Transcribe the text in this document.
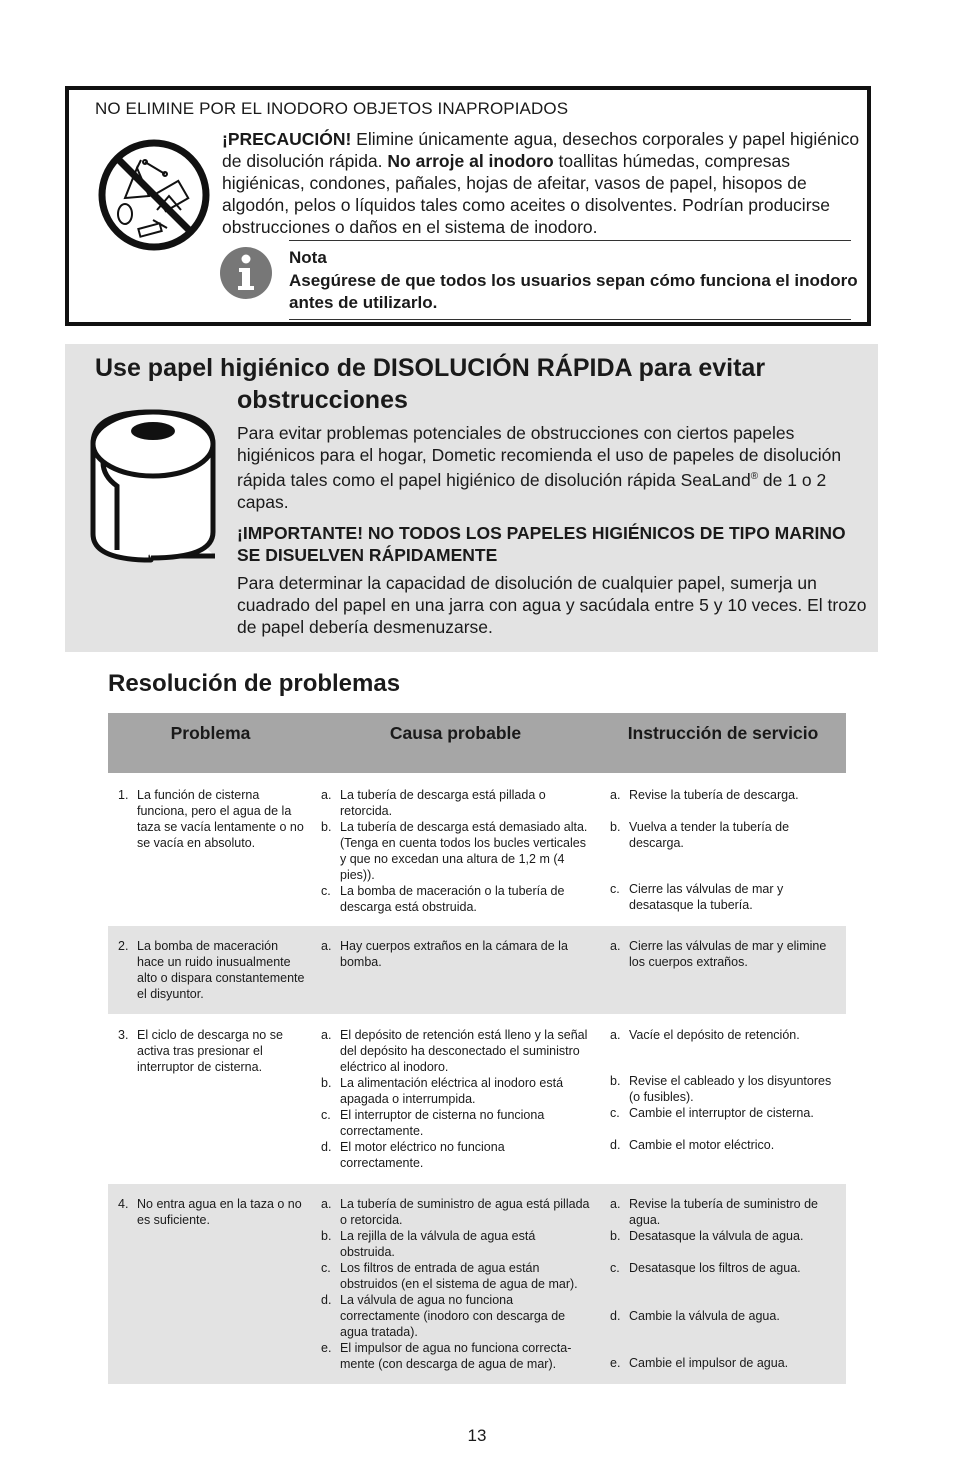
NO ELIMINE POR EL INODORO OBJETOS INAPROPIADOS
¡PRECAUCIÓN! Elimine únicamente agua, desechos corporales y papel higiénico de disolución rápida. No arroje al inodoro toallitas húmedas, compresas higiénicas, condones, pañales, hojas de afeitar, vasos de papel, hisopos de algodón, pelos o líquidos tales como aceites o disolventes. Podrían producirse obstrucciones o daños en el sistema de inodoro.
Nota
Asegúrese de que todos los usuarios sepan cómo funciona el inodoro antes de utilizarlo.
Use papel higiénico de DISOLUCIÓN RÁPIDA para evitar
obstrucciones
Para evitar problemas potenciales de obstrucciones con ciertos papeles higiénicos para el hogar, Dometic recomienda el uso de papeles de disolución rápida tales como el papel higiénico de disolución rápida SeaLand® de 1 o 2 capas.
¡IMPORTANTE! NO TODOS LOS PAPELES HIGIÉNICOS DE TIPO MARINO SE DISUELVEN RÁPIDAMENTE
Para determinar la capacidad de disolución de cualquier papel, sumerja un cuadrado del papel en una jarra con agua y sacúdala entre 5 y 10 veces. El trozo de papel debería desmenuzarse.
Resolución de problemas
Problema	Causa probable	Instrucción de servicio
1. La función de cisterna funciona, pero el agua de la taza se vacía lentamente o no se vacía en absoluto.
a. La tubería de descarga está pillada o retorcida.
b. La tubería de descarga está demasiado alta. (Tenga en cuenta todos los bucles verticales y que no excedan una altura de 1,2 m (4 pies)).
c. La bomba de maceración o la tubería de descarga está obstruida.
a. Revise la tubería de descarga.
b. Vuelva a tender la tubería de descarga.
c. Cierre las válvulas de mar y desatasque la tubería.
2. La bomba de maceración hace un ruido inusualmente alto o dispara constantemente el disyuntor.
a. Hay cuerpos extraños en la cámara de la bomba.
a. Cierre las válvulas de mar y elimine los cuerpos extraños.
3. El ciclo de descarga no se activa tras presionar el interruptor de cisterna.
a. El depósito de retención está lleno y la señal del depósito ha desconectado el suministro eléctrico al inodoro.
b. La alimentación eléctrica al inodoro está apagada o interrumpida.
c. El interruptor de cisterna no funciona correctamente.
d. El motor eléctrico no funciona correctamente.
a. Vacíe el depósito de retención.
b. Revise el cableado y los disyuntores (o fusibles).
c. Cambie el interruptor de cisterna.
d. Cambie el motor eléctrico.
4. No entra agua en la taza o no es suficiente.
a. La tubería de suministro de agua está pillada o retorcida.
b. La rejilla de la válvula de agua está obstruida.
c. Los filtros de entrada de agua están obstruidos (en el sistema de agua de mar).
d. La válvula de agua no funciona correctamente (inodoro con descarga de agua tratada).
e. El impulsor de agua no funciona correcta-mente (con descarga de agua de mar).
a. Revise la tubería de suministro de agua.
b. Desatasque la válvula de agua.
c. Desatasque los filtros de agua.
d. Cambie la válvula de agua.
e. Cambie el impulsor de agua.
13
